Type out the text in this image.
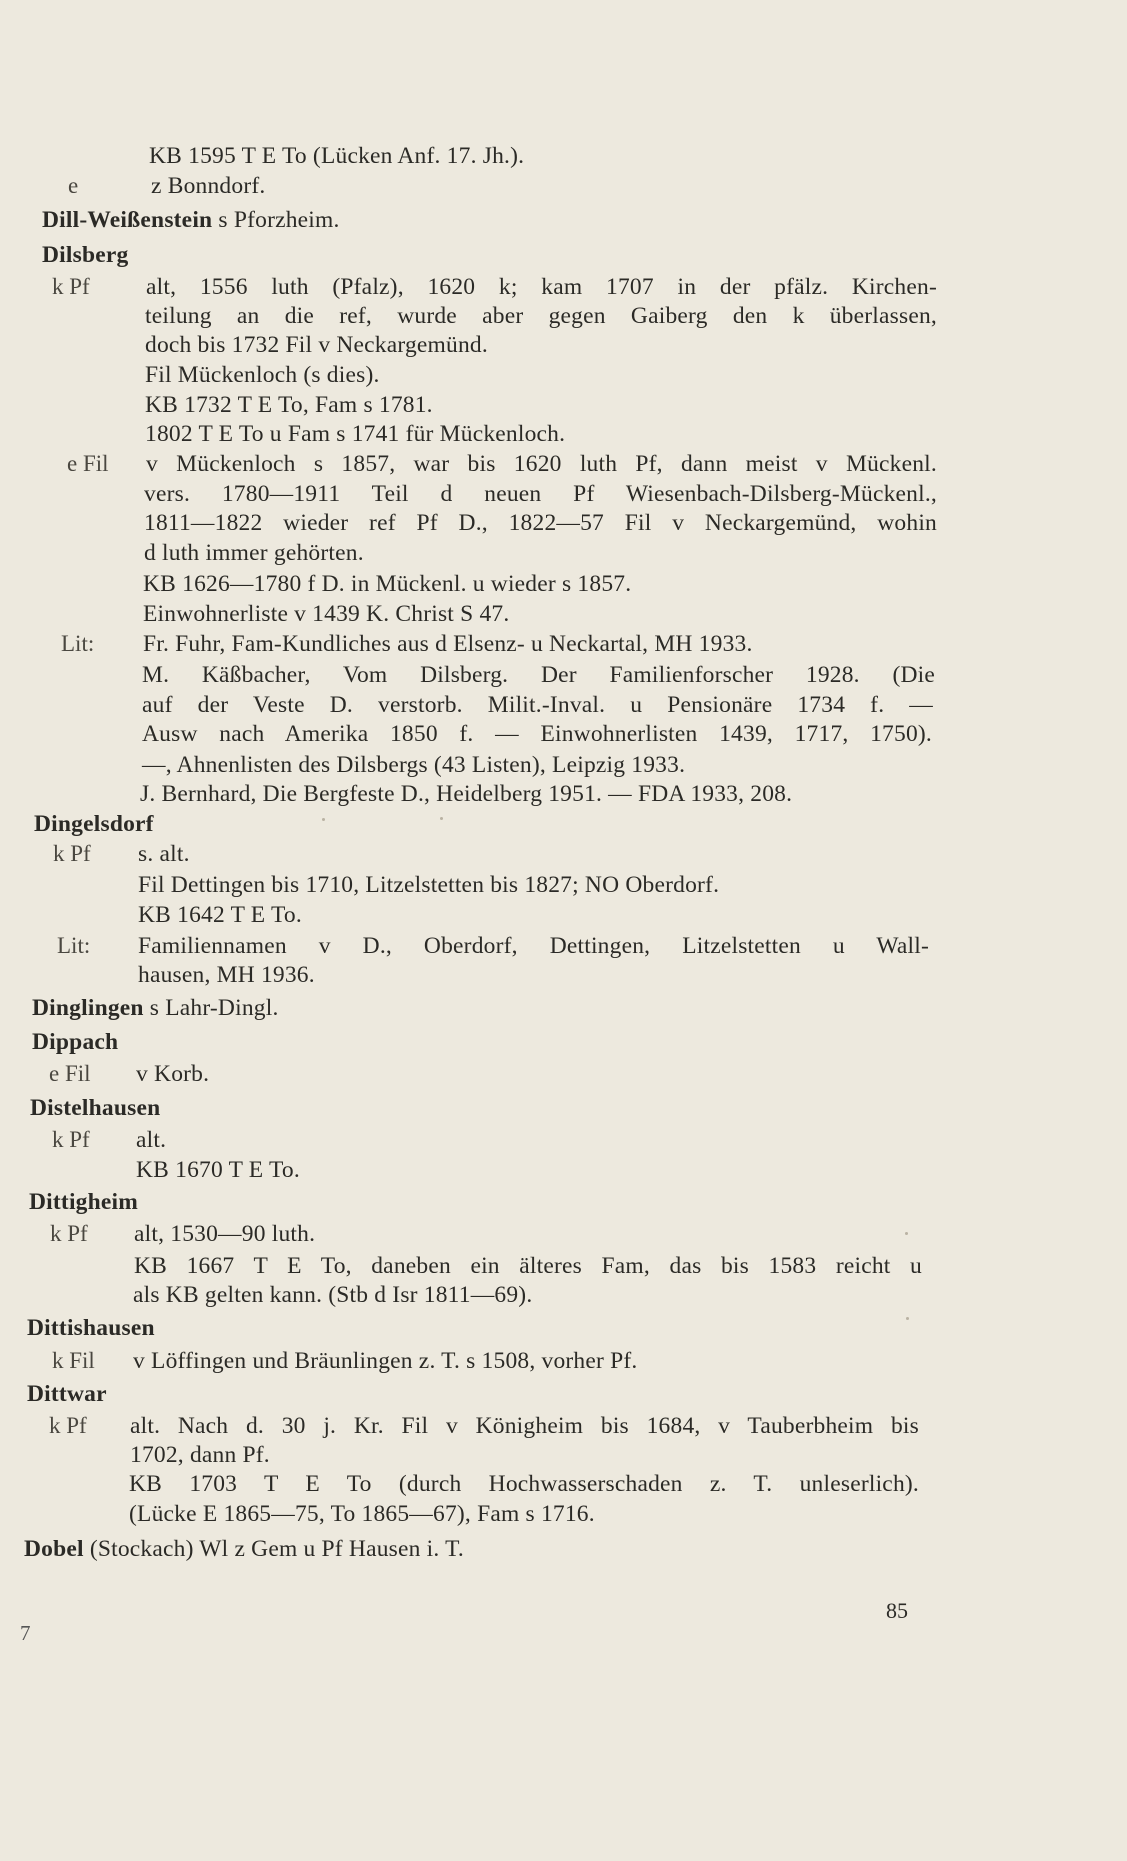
KB 1595 T E To (Lücken Anf. 17. Jh.).
e	z Bonndorf.
Dill-Weißenstein s Pforzheim.
Dilsberg
k Pf alt, 1556 luth (Pfalz), 1620 k; kam 1707 in der pfälz. Kirchen-
teilung an die ref, wurde aber gegen Gaiberg den k überlassen,
doch bis 1732 Fil v Neckargemünd.
Fil Mückenloch (s dies).
KB 1732 T E To, Fam s 1781.
1802 T E To u Fam s 1741 für Mückenloch.
e Fil v Mückenloch s 1857, war bis 1620 luth Pf, dann meist v Mückenl.
vers. 1780—1911 Teil d neuen Pf Wiesenbach-Dilsberg-Mückenl.,
1811—1822 wieder ref Pf D., 1822—57 Fil v Neckargemünd, wohin
d luth immer gehörten.
KB 1626—1780 f D. in Mückenl. u wieder s 1857.
Einwohnerliste v 1439 K. Christ S 47.
Lit: Fr. Fuhr, Fam-Kundliches aus d Elsenz- u Neckartal, MH 1933.
M. Käßbacher, Vom Dilsberg. Der Familienforscher 1928. (Die
auf der Veste D. verstorb. Milit.-Inval. u Pensionäre 1734 f. —
Ausw nach Amerika 1850 f. — Einwohnerlisten 1439, 1717, 1750).
—, Ahnenlisten des Dilsbergs (43 Listen), Leipzig 1933.
J. Bernhard, Die Bergfeste D., Heidelberg 1951. — FDA 1933, 208.
Dingelsdorf
k Pf s. alt.
Fil Dettingen bis 1710, Litzelstetten bis 1827; NO Oberdorf.
KB 1642 T E To.
Lit: Familiennamen v D., Oberdorf, Dettingen, Litzelstetten u Wall-
hausen, MH 1936.
Dinglingen s Lahr-Dingl.
Dippach
e Fil v Korb.
Distelhausen
k Pf alt.
KB 1670 T E To.
Dittigheim
k Pf alt, 1530—90 luth.
KB 1667 T E To, daneben ein älteres Fam, das bis 1583 reicht u
als KB gelten kann. (Stb d Isr 1811—69).
Dittishausen
k Fil v Löffingen und Bräunlingen z. T. s 1508, vorher Pf.
Dittwar
k Pf alt. Nach d. 30 j. Kr. Fil v Königheim bis 1684, v Tauberbheim bis
1702, dann Pf.
KB 1703 T E To (durch Hochwasserschaden z. T. unleserlich).
(Lücke E 1865—75, To 1865—67), Fam s 1716.
Dobel (Stockach) Wl z Gem u Pf Hausen i. T.
85
7
